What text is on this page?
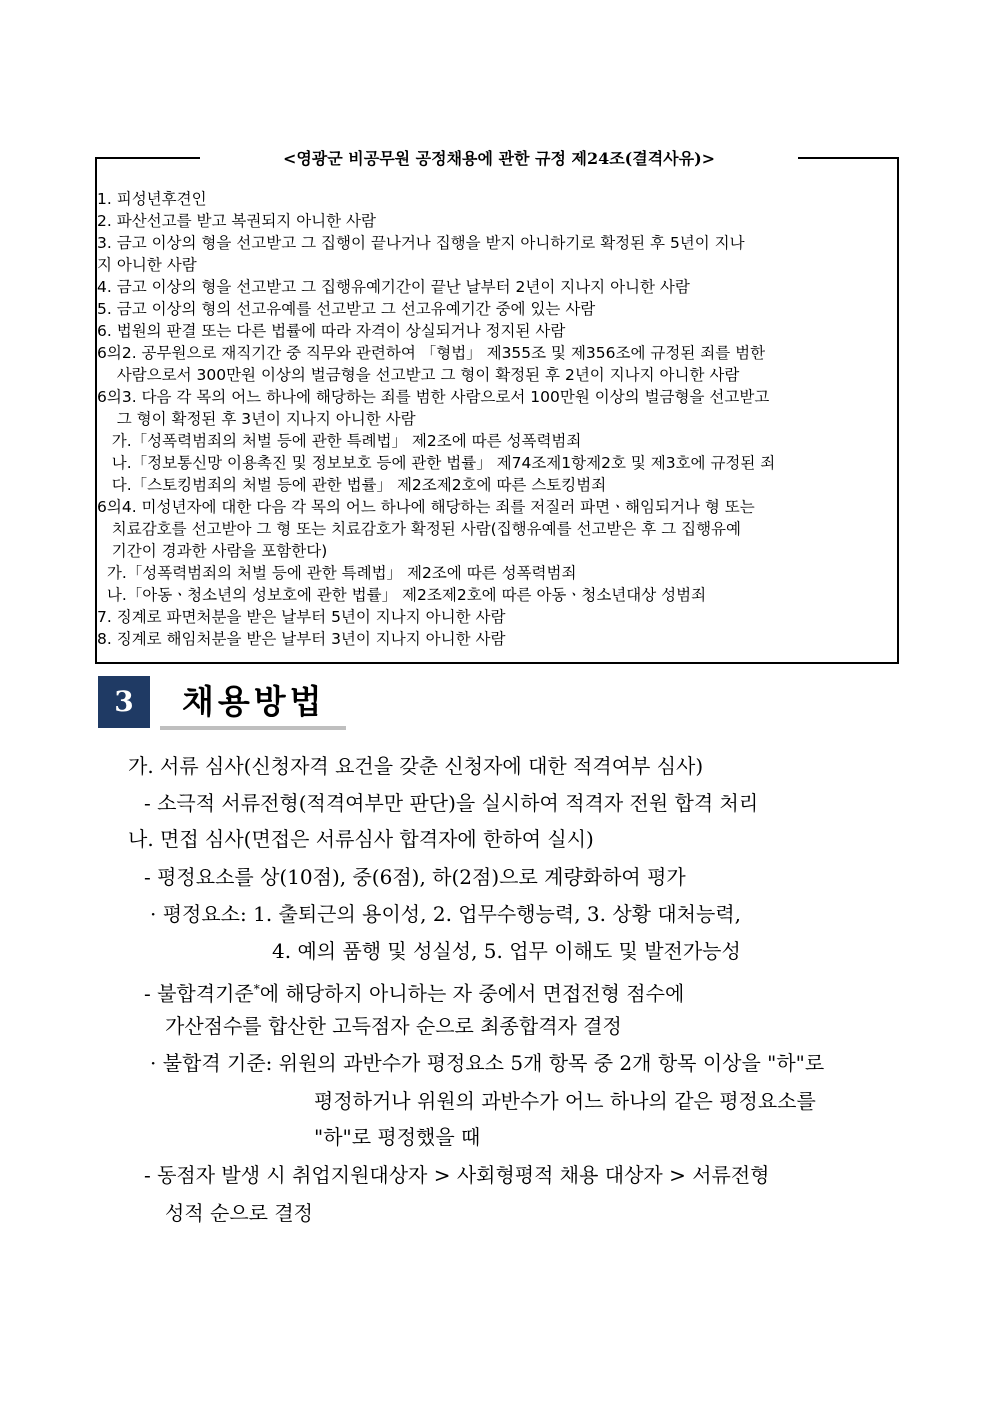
<영광군 비공무원 공정채용에 관한 규정 제24조(결격사유)>
1. 피성년후견인
2. 파산선고를 받고 복권되지 아니한 사람
3. 금고 이상의 형을 선고받고 그 집행이 끝나거나 집행을 받지 아니하기로 확정된 후 5년이 지나
지 아니한 사람
4. 금고 이상의 형을 선고받고 그 집행유예기간이 끝난 날부터 2년이 지나지 아니한 사람
5. 금고 이상의 형의 선고유예를 선고받고 그 선고유예기간 중에 있는 사람
6. 법원의 판결 또는 다른 법률에 따라 자격이 상실되거나 정지된 사람
6의2. 공무원으로 재직기간 중 직무와 관련하여 「형법」 제355조 및 제356조에 규정된 죄를 범한
사람으로서 300만원 이상의 벌금형을 선고받고 그 형이 확정된 후 2년이 지나지 아니한 사람
6의3. 다음 각 목의 어느 하나에 해당하는 죄를 범한 사람으로서 100만원 이상의 벌금형을 선고받고
그 형이 확정된 후 3년이 지나지 아니한 사람
가.「성폭력범죄의 처벌 등에 관한 특례법」 제2조에 따른 성폭력범죄
나.「정보통신망 이용촉진 및 정보보호 등에 관한 법률」 제74조제1항제2호 및 제3호에 규정된 죄
다.「스토킹범죄의 처벌 등에 관한 법률」 제2조제2호에 따른 스토킹범죄
6의4. 미성년자에 대한 다음 각 목의 어느 하나에 해당하는 죄를 저질러 파면ㆍ해임되거나 형 또는
치료감호를 선고받아 그 형 또는 치료감호가 확정된 사람(집행유예를 선고받은 후 그 집행유예
기간이 경과한 사람을 포함한다)
가.「성폭력범죄의 처벌 등에 관한 특례법」 제2조에 따른 성폭력범죄
나.「아동ㆍ청소년의 성보호에 관한 법률」 제2조제2호에 따른 아동ㆍ청소년대상 성범죄
7. 징계로 파면처분을 받은 날부터 5년이 지나지 아니한 사람
8. 징계로 해임처분을 받은 날부터 3년이 지나지 아니한 사람
3	채용방법
가. 서류 심사(신청자격 요건을 갖춘 신청자에 대한 적격여부 심사)
- 소극적 서류전형(적격여부만 판단)을 실시하여 적격자 전원 합격 처리
나. 면접 심사(면접은 서류심사 합격자에 한하여 실시)
- 평정요소를 상(10점), 중(6점), 하(2점)으로 계량화하여 평가
· 평정요소: 1. 출퇴근의 용이성, 2. 업무수행능력, 3. 상황 대처능력,
4. 예의 품행 및 성실성, 5. 업무 이해도 및 발전가능성
- 불합격기준*에 해당하지 아니하는 자 중에서 면접전형 점수에
가산점수를 합산한 고득점자 순으로 최종합격자 결정
· 불합격 기준: 위원의 과반수가 평정요소 5개 항목 중 2개 항목 이상을 "하"로
평정하거나 위원의 과반수가 어느 하나의 같은 평정요소를
"하"로 평정했을 때
- 동점자 발생 시 취업지원대상자 > 사회형평적 채용 대상자 > 서류전형
성적 순으로 결정
